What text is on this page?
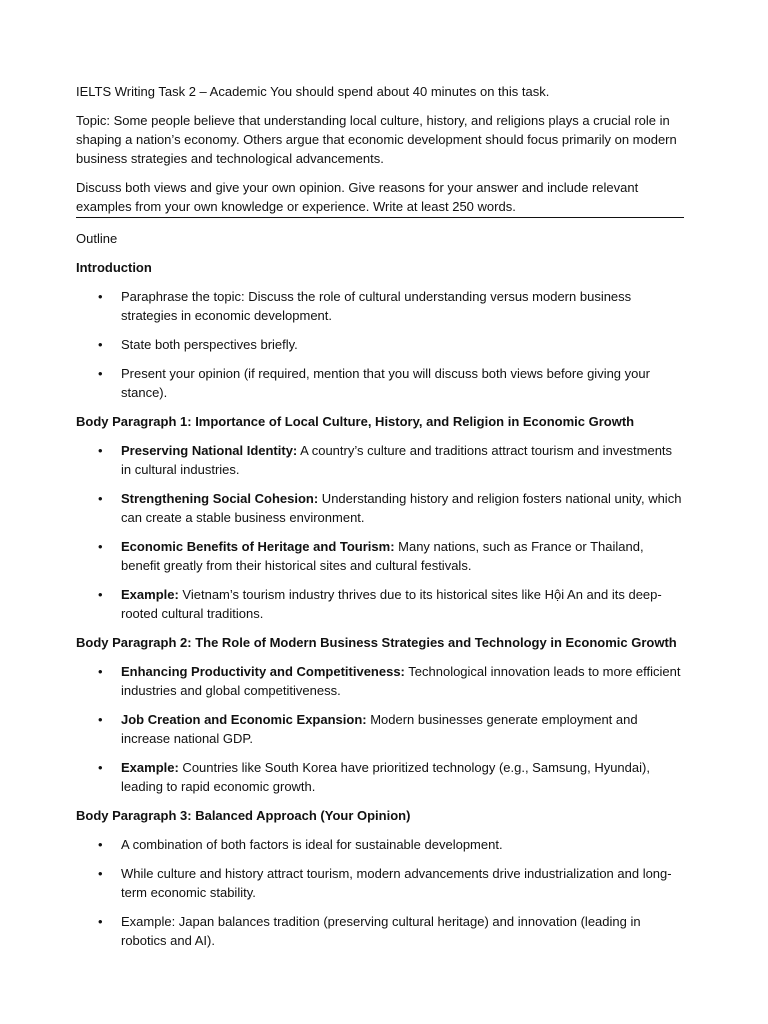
IELTS Writing Task 2 – Academic You should spend about 40 minutes on this task.

Topic: Some people believe that understanding local culture, history, and religions plays a crucial role in shaping a nation’s economy. Others argue that economic development should focus primarily on modern business strategies and technological advancements.

Discuss both views and give your own opinion. Give reasons for your answer and include relevant examples from your own knowledge or experience. Write at least 250 words.

Outline

Introduction

• Paraphrase the topic: Discuss the role of cultural understanding versus modern business strategies in economic development.
• State both perspectives briefly.
• Present your opinion (if required, mention that you will discuss both views before giving your stance).

Body Paragraph 1: Importance of Local Culture, History, and Religion in Economic Growth

• Preserving National Identity: A country’s culture and traditions attract tourism and investments in cultural industries.
• Strengthening Social Cohesion: Understanding history and religion fosters national unity, which can create a stable business environment.
• Economic Benefits of Heritage and Tourism: Many nations, such as France or Thailand, benefit greatly from their historical sites and cultural festivals.
• Example: Vietnam’s tourism industry thrives due to its historical sites like Hội An and its deep-rooted cultural traditions.

Body Paragraph 2: The Role of Modern Business Strategies and Technology in Economic Growth

• Enhancing Productivity and Competitiveness: Technological innovation leads to more efficient industries and global competitiveness.
• Job Creation and Economic Expansion: Modern businesses generate employment and increase national GDP.
• Example: Countries like South Korea have prioritized technology (e.g., Samsung, Hyundai), leading to rapid economic growth.

Body Paragraph 3: Balanced Approach (Your Opinion)

• A combination of both factors is ideal for sustainable development.
• While culture and history attract tourism, modern advancements drive industrialization and long-term economic stability.
• Example: Japan balances tradition (preserving cultural heritage) and innovation (leading in robotics and AI).
